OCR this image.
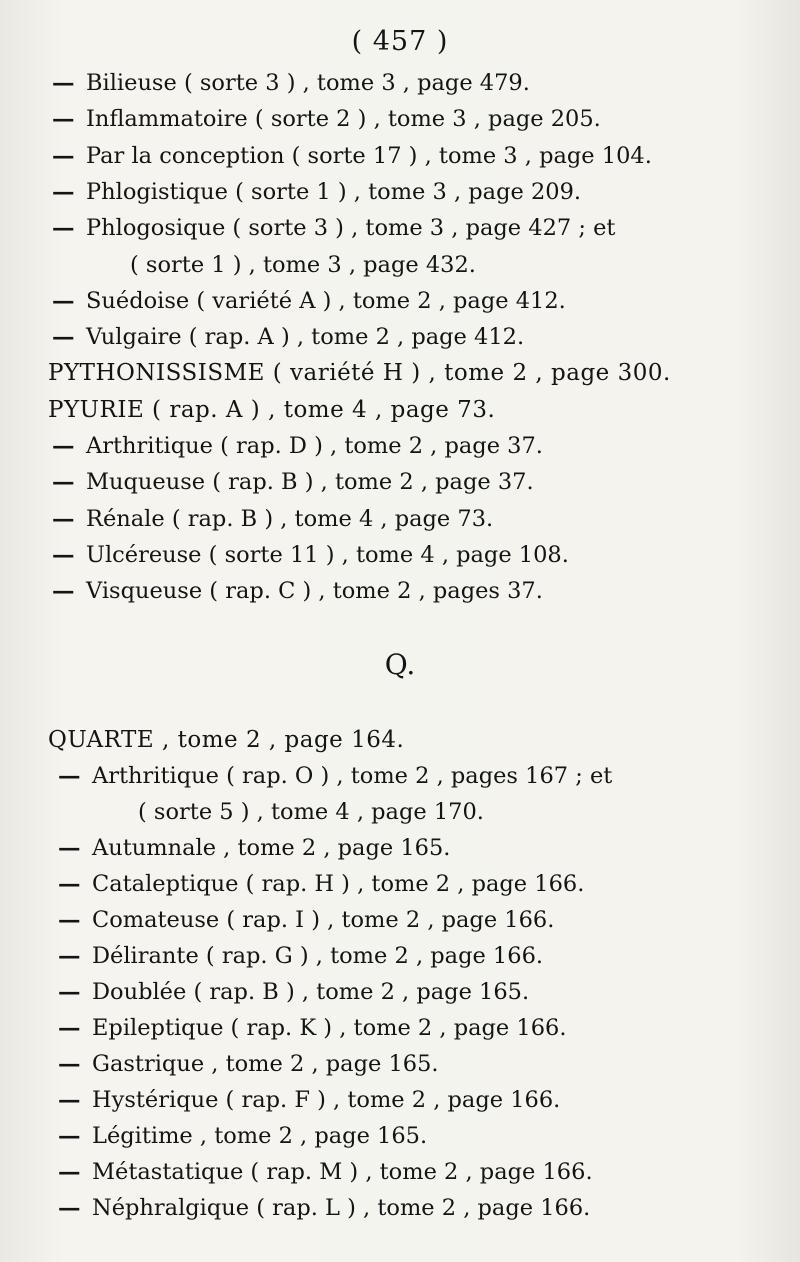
( 457 )
— Bilieuse ( sorte 3 ) , tome 3 , page 479.
— Inflammatoire ( sorte 2 ) , tome 3 , page 205.
— Par la conception ( sorte 17 ) , tome 3 , page 104.
— Phlogistique ( sorte 1 ) , tome 3 , page 209.
— Phlogosique ( sorte 3 ) , tome 3 , page 427 ; et
( sorte 1 ) , tome 3 , page 432.
— Suédoise ( variété A ) , tome 2 , page 412.
— Vulgaire ( rap. A ) , tome 2 , page 412.
PYTHONISSISME ( variété H ) , tome 2 , page 300.
PYURIE ( rap. A ) , tome 4 , page 73.
— Arthritique ( rap. D ) , tome 2 , page 37.
— Muqueuse ( rap. B ) , tome 2 , page 37.
— Rénale ( rap. B ) , tome 4 , page 73.
— Ulcéreuse ( sorte 11 ) , tome 4 , page 108.
— Visqueuse ( rap. C ) , tome 2 , pages 37.
Q.
QUARTE , tome 2 , page 164.
— Arthritique ( rap. O ) , tome 2 , pages 167 ; et
( sorte 5 ) , tome 4 , page 170.
— Autumnale , tome 2 , page 165.
— Cataleptique ( rap. H ) , tome 2 , page 166.
— Comateuse ( rap. I ) , tome 2 , page 166.
— Délirante ( rap. G ) , tome 2 , page 166.
— Doublée ( rap. B ) , tome 2 , page 165.
— Epileptique ( rap. K ) , tome 2 , page 166.
— Gastrique , tome 2 , page 165.
— Hystérique ( rap. F ) , tome 2 , page 166.
— Légitime , tome 2 , page 165.
— Métastatique ( rap. M ) , tome 2 , page 166.
— Néphralgique ( rap. L ) , tome 2 , page 166.
